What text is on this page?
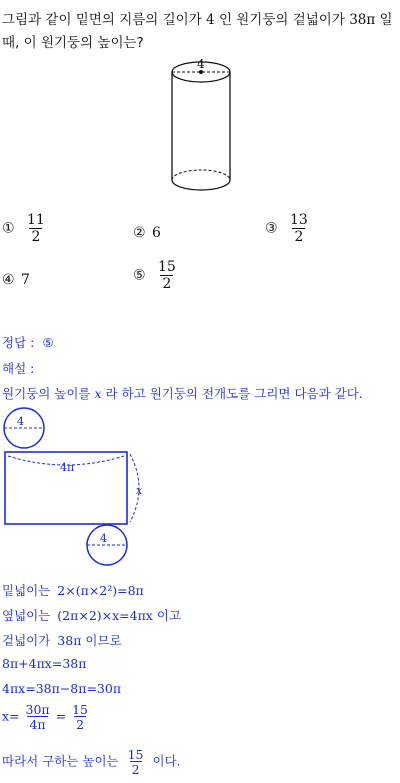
그림과 같이 밑면의 지름의 길이가 4 인 원기둥의 겉넓이가 38π 일
때, 이 원기둥의 높이는?
4
① $\frac{11}{2}$	② 6	③ $\frac{13}{2}$
④ 7	⑤ $\frac{15}{2}$
정답 : ⑤
해설 :
원기둥의 높이를 x 라 하고 원기둥의 전개도를 그리면 다음과 같다.
4
4π
x
4
밑넓이는 2×(π×2²)=8π
옆넓이는 (2π×2)×x=4πx 이고
겉넓이가 38π 이므로
8π+4πx=38π
4πx=38π−8π=30π
$x= \frac{30\pi}{4\pi} = \frac{15}{2}$
따라서 구하는 높이는 $\frac{15}{2}$ 이다.
